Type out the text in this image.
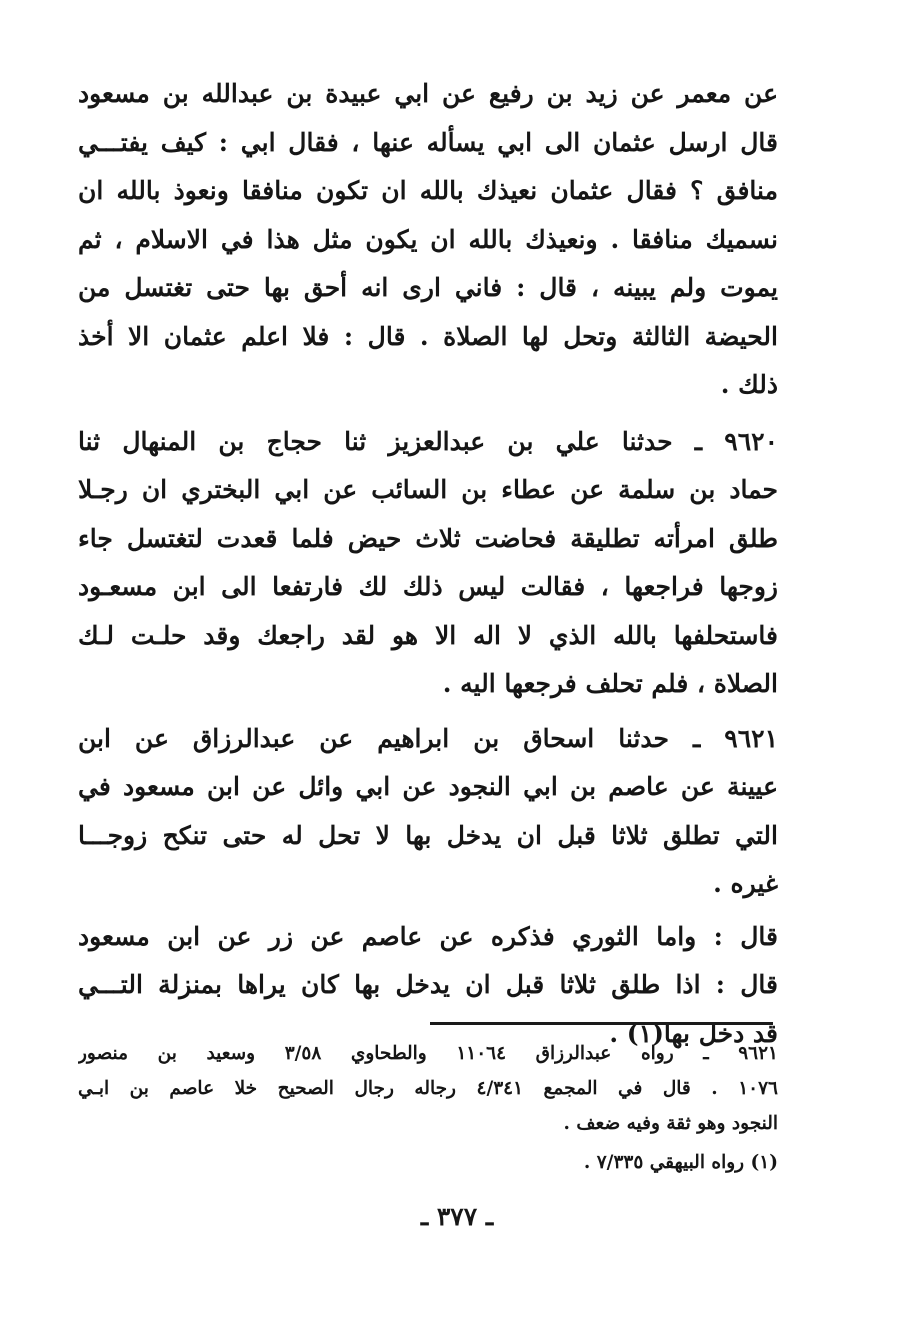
عن معمر عن زيد بن رفيع عن ابي عبيدة بن عبدالله بن مسعود
قال ارسل عثمان الى ابي يسأله عنها ، فقال ابي : كيف يفتـــي
منافق ؟ فقال عثمان نعيذك بالله ان تكون منافقا ونعوذ بالله ان
نسميك منافقا . ونعيذك بالله ان يكون مثل هذا في الاسلام ، ثم
يموت ولم يبينه ، قال : فاني ارى انه أحق بها حتى تغتسل من
الحيضة الثالثة وتحل لها الصلاة . قال : فلا اعلم عثمان الا أخذ
ذلك .
٩٦٢٠ ـ حدثنا علي بن عبدالعزيز ثنا حجاج بن المنهال ثنا
حماد بن سلمة عن عطاء بن السائب عن ابي البختري ان رجـلا
طلق امرأته تطليقة فحاضت ثلاث حيض فلما قعدت لتغتسل جاء
زوجها فراجعها ، فقالت ليس ذلك لك فارتفعا الى ابن مسعـود
فاستحلفها بالله الذي لا اله الا هو لقد راجعك وقد حلـت لـك
الصلاة ، فلم تحلف فرجعها اليه .
٩٦٢١ ـ حدثنا اسحاق بن ابراهيم عن عبدالرزاق عن ابن
عيينة عن عاصم بن ابي النجود عن ابي وائل عن ابن مسعود في
التي تطلق ثلاثا قبل ان يدخل بها لا تحل له حتى تنكح زوجـــا
غيره .
قال : واما الثوري فذكره عن عاصم عن زر عن ابن مسعود
قال : اذا طلق ثلاثا قبل ان يدخل بها كان يراها بمنزلة التـــي
قد دخل بها(١) .
٩٦٢١ ـ رواه عبدالرزاق ١١٠٦٤ والطحاوي ٣/٥٨ وسعيد بن منصور
١٠٧٦ . قال في المجمع ٤/٣٤١ رجاله رجال الصحيح خلا عاصم بن ابـي
النجود وهو ثقة وفيه ضعف .
(١) رواه البيهقي ٧/٣٣٥ .
ـ ٣٧٧ ـ
